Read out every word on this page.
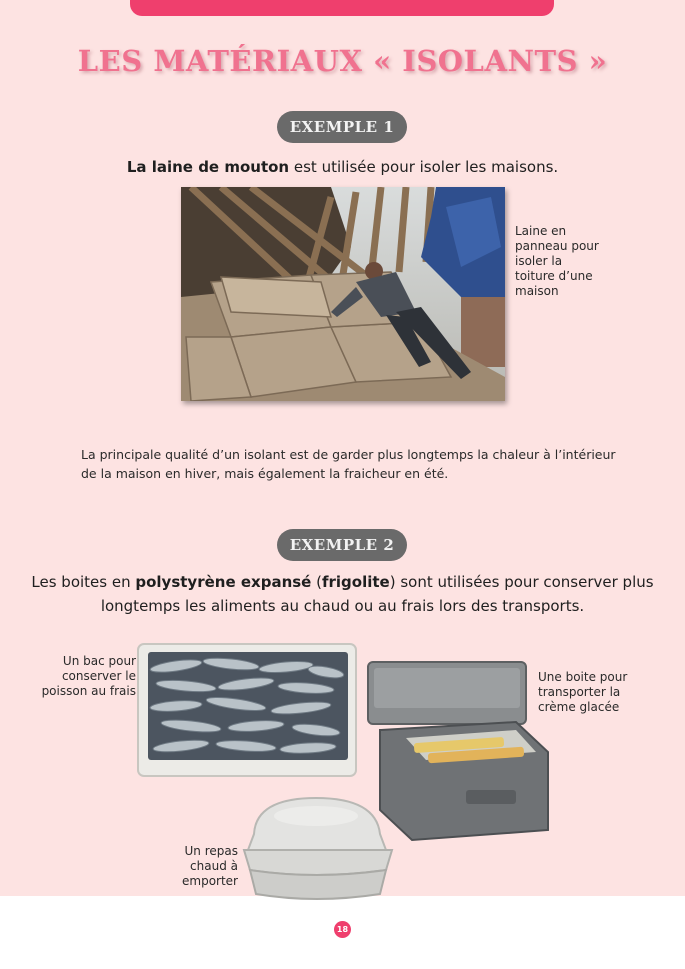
LES MATÉRIAUX « ISOLANTS »
EXEMPLE 1
La laine de mouton est utilisée pour isoler les maisons.
Laine en panneau pour isoler la toiture d’une maison
La principale qualité d’un isolant est de garder plus longtemps la chaleur à l’intérieur de la maison en hiver, mais également la fraicheur en été.
EXEMPLE 2
Les boites en polystyrène expansé (frigolite) sont utilisées pour conserver plus longtemps les aliments au chaud ou au frais lors des transports.
Un bac pour conserver le poisson au frais
Une boite pour transporter la crème glacée
Un repas chaud à emporter
18
